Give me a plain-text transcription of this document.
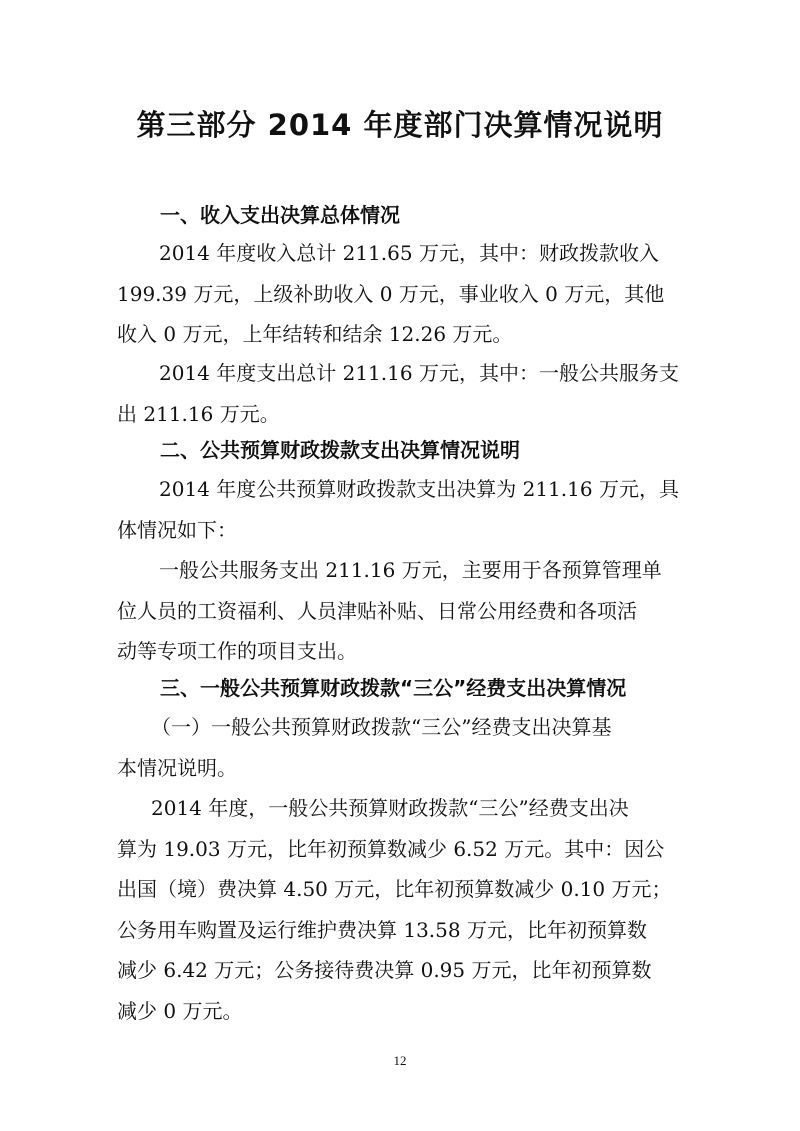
第三部分 2014 年度部门决算情况说明
一、收入支出决算总体情况
2014 年度收入总计 211.65 万元，其中：财政拨款收入
199.39 万元，上级补助收入 0 万元，事业收入 0 万元，其他
收入 0 万元，上年结转和结余 12.26 万元。
2014 年度支出总计 211.16 万元，其中：一般公共服务支
出 211.16 万元。
二、公共预算财政拨款支出决算情况说明
2014 年度公共预算财政拨款支出决算为 211.16 万元，具
体情况如下：
一般公共服务支出 211.16 万元，主要用于各预算管理单
位人员的工资福利、人员津贴补贴、日常公用经费和各项活
动等专项工作的项目支出。
三、一般公共预算财政拨款“三公”经费支出决算情况
（一）一般公共预算财政拨款“三公”经费支出决算基
本情况说明。
2014 年度，一般公共预算财政拨款“三公”经费支出决
算为 19.03 万元，比年初预算数减少 6.52 万元。其中：因公
出国（境）费决算 4.50 万元，比年初预算数减少 0.10 万元；
公务用车购置及运行维护费决算 13.58 万元，比年初预算数
减少 6.42 万元；公务接待费决算 0.95 万元，比年初预算数
减少 0 万元。
12
